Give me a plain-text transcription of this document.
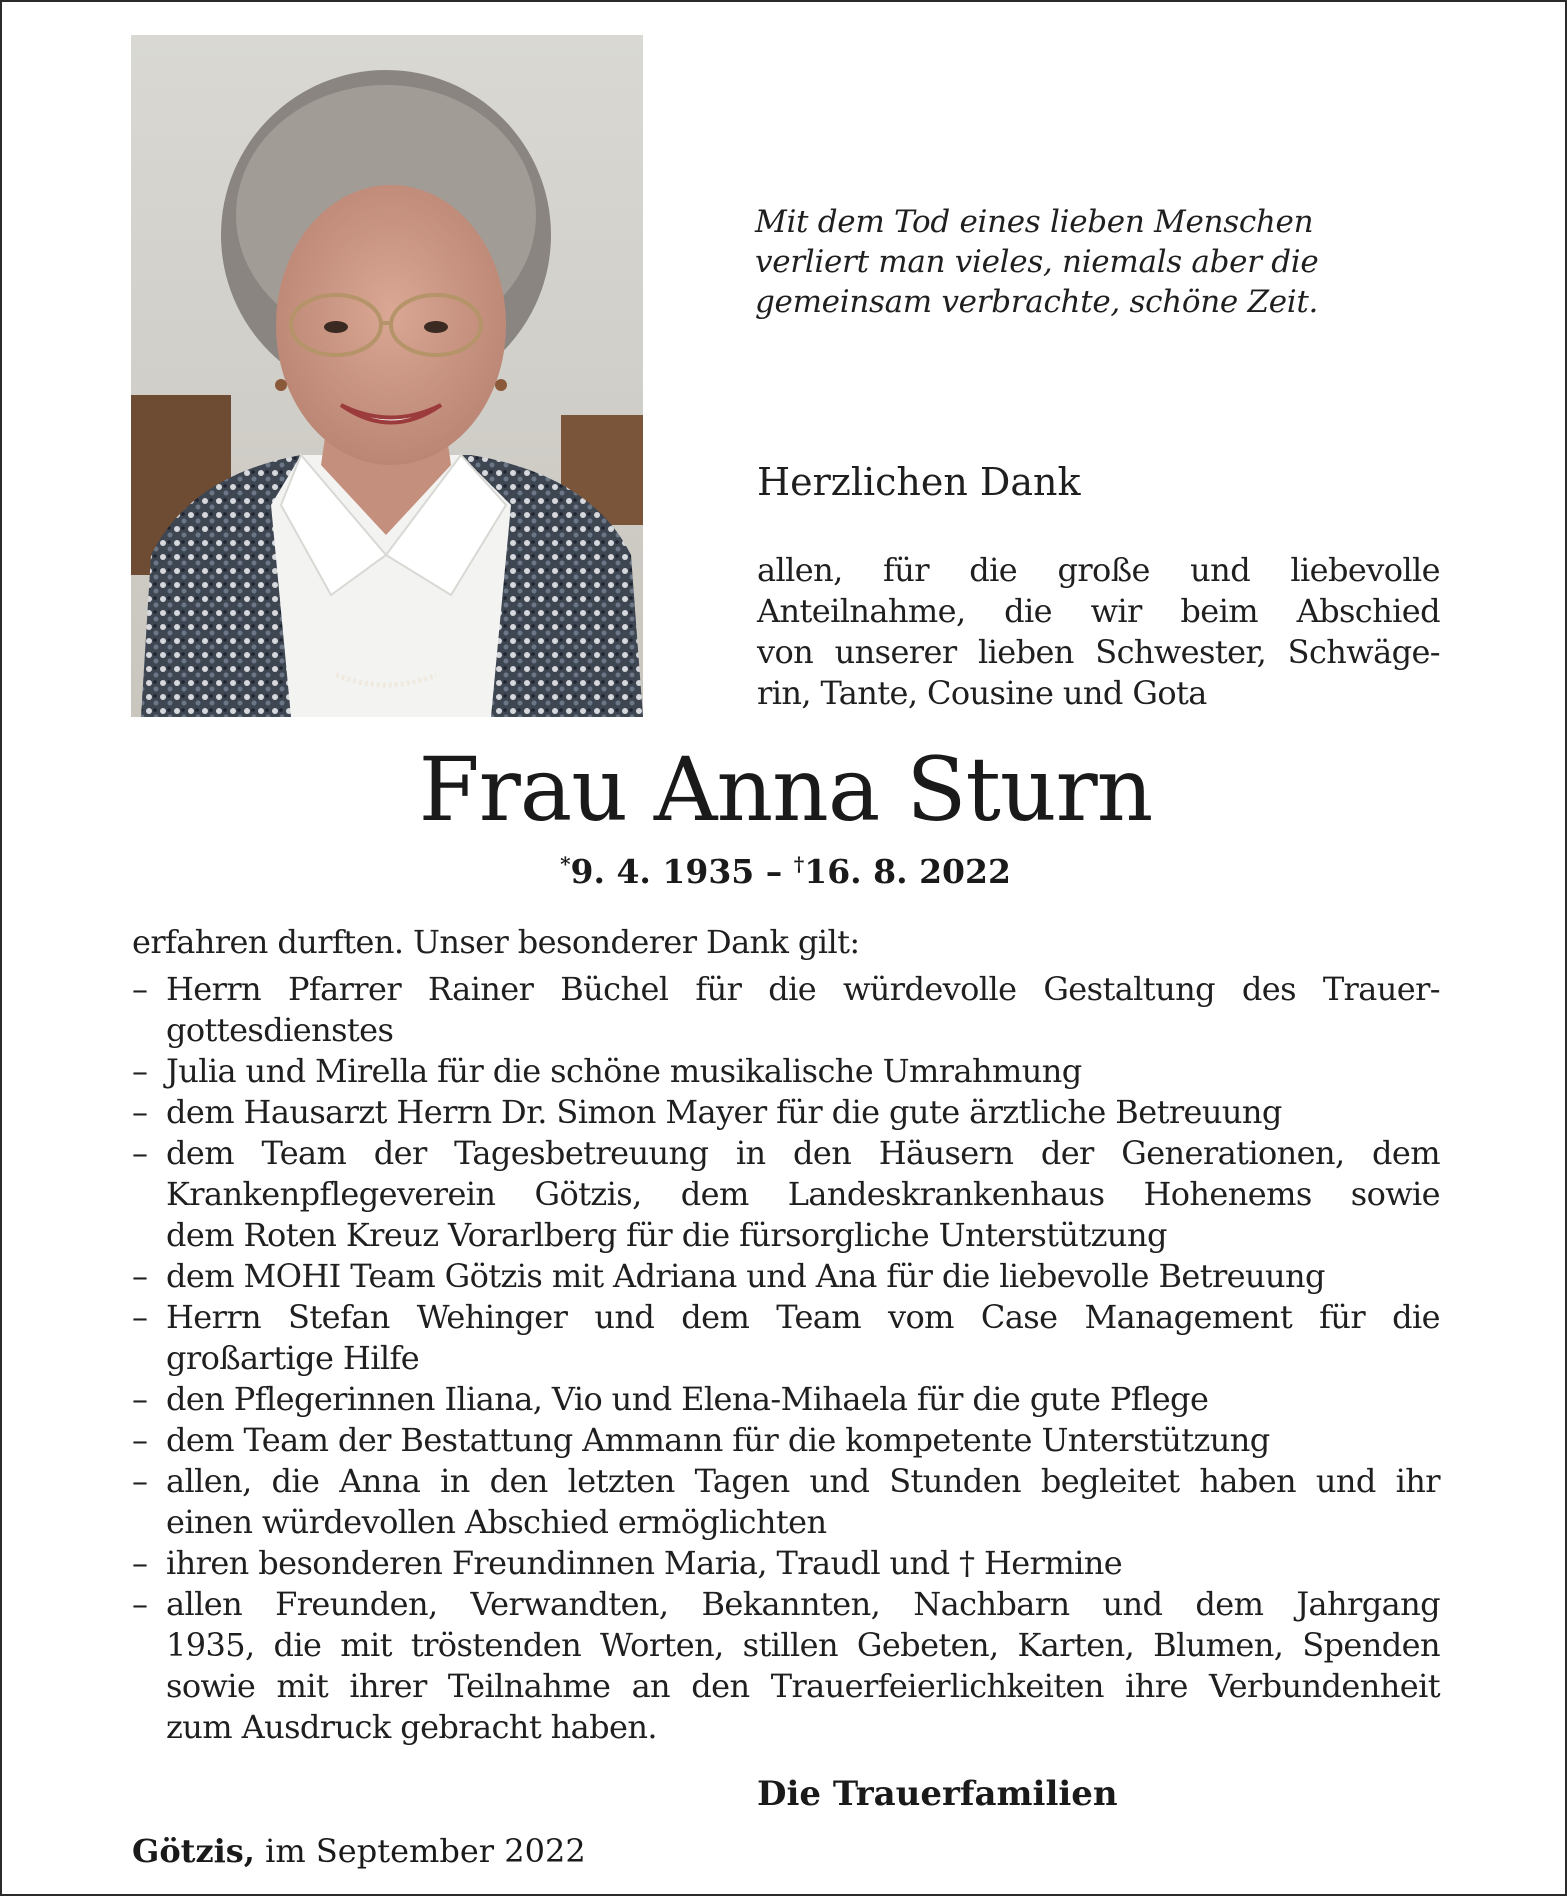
Mit dem Tod eines lieben Menschen
verliert man vieles, niemals aber die
gemeinsam verbrachte, schöne Zeit.
Herzlichen Dank
allen, für die große und liebevolle
Anteilnahme, die wir beim Abschied
von unserer lieben Schwester, Schwäge-
rin, Tante, Cousine und Gota
Frau Anna Sturn
*9. 4. 1935 – †16. 8. 2022
erfahren durften. Unser besonderer Dank gilt:
– Herrn Pfarrer Rainer Büchel für die würdevolle Gestaltung des Trauer-
gottesdienstes
– Julia und Mirella für die schöne musikalische Umrahmung
– dem Hausarzt Herrn Dr. Simon Mayer für die gute ärztliche Betreuung
– dem Team der Tagesbetreuung in den Häusern der Generationen, dem
Krankenpflegeverein Götzis, dem Landeskrankenhaus Hohenems sowie
dem Roten Kreuz Vorarlberg für die fürsorgliche Unterstützung
– dem MOHI Team Götzis mit Adriana und Ana für die liebevolle Betreuung
– Herrn Stefan Wehinger und dem Team vom Case Management für die
großartige Hilfe
– den Pflegerinnen Iliana, Vio und Elena-Mihaela für die gute Pflege
– dem Team der Bestattung Ammann für die kompetente Unterstützung
– allen, die Anna in den letzten Tagen und Stunden begleitet haben und ihr
einen würdevollen Abschied ermöglichten
– ihren besonderen Freundinnen Maria, Traudl und † Hermine
– allen Freunden, Verwandten, Bekannten, Nachbarn und dem Jahrgang
1935, die mit tröstenden Worten, stillen Gebeten, Karten, Blumen, Spenden
sowie mit ihrer Teilnahme an den Trauerfeierlichkeiten ihre Verbundenheit
zum Ausdruck gebracht haben.
Die Trauerfamilien
Götzis, im September 2022
